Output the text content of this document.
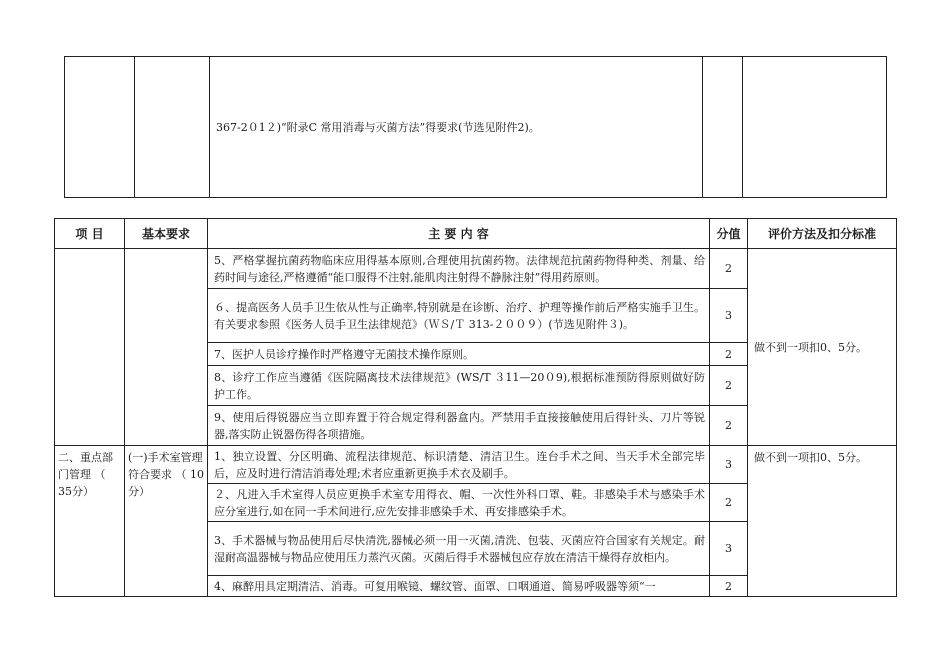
		367-2０1２)“附录C 常用消毒与灭菌方法”得要求(节选见附件2)。		
项 目	基本要求	主 要 内 容	分值	评价方法及扣分标准
		5、严格掌握抗菌药物临床应用得基本原则,合理使用抗菌药物。法律规范抗菌药物得种类、剂量、给药时间与途径,严格遵循“能口服得不注射,能肌肉注射得不静脉注射”得用药原则。	2	做不到一项扣0、5分。
		６、提高医务人员手卫生依从性与正确率,特别就是在诊断、治疗、护理等操作前后严格实施手卫生。有关要求参照《医务人员手卫生法律规范》（ＷＳ/Ｔ 313-２００９）(节选见附件３)。	3	
		7、医护人员诊疗操作时严格遵守无菌技术操作原则。	2	
		8、诊疗工作应当遵循《医院隔离技术法律规范》(WS/T ３11—20０9),根据标准预防得原则做好防护工作。	2	
		9、使用后得锐器应当立即弃置于符合规定得利器盒内。严禁用手直接接触使用后得针头、刀片等锐器,落实防止锐器伤得各项措施。	2	
二、重点部门管理 （ 35分）	(一)手术室管理符合要求 （ 10分）	1、独立设置、分区明确、流程法律规范、标识清楚、清洁卫生。连台手术之间、当天手术全部完毕后，应及时进行清洁消毒处理;术者应重新更换手术衣及刷手。	3	做不到一项扣0、5分。
		２、凡进入手术室得人员应更换手术室专用得衣、帽、一次性外科口罩、鞋。非感染手术与感染手术应分室进行,如在同一手术间进行,应先安排非感染手术、再安排感染手术。	2	
		3、手术器械与物品使用后尽快清洗,器械必须一用一灭菌,清洗、包装、灭菌应符合国家有关规定。耐湿耐高温器械与物品应使用压力蒸汽灭菌。灭菌后得手术器械包应存放在清洁干燥得存放柜内。	3	
		4、麻醉用具定期清洁、消毒。可复用喉镜、螺纹管、面罩、口咽通道、简易呼吸器等须“一	2	
